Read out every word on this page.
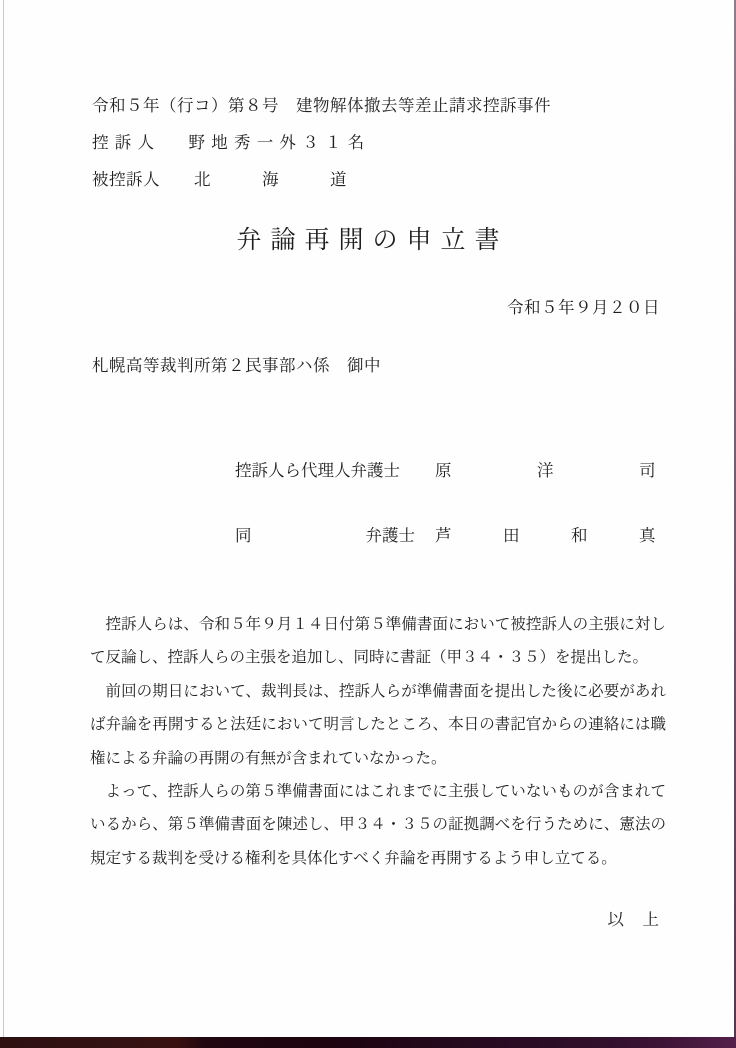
令和５年（行コ）第８号　建物解体撤去等差止請求控訴事件
控 訴 人　　野 地 秀 一 外 ３ １ 名
被控訴人　　北　　　海　　　道
弁論再開の申立書
令和５年９月２０日
札幌高等裁判所第２民事部ハ係　御中
控訴人ら代理人弁護士 原　　　　　洋　　　　　司
同	弁護士 芦　　　田　　　和　　　真

控訴人らは、令和５年９月１４日付第５準備書面において被控訴人の主張に対して反論し、控訴人らの主張を追加し、同時に書証（甲３４・３５）を提出した。

前回の期日において、裁判長は、控訴人らが準備書面を提出した後に必要があれば弁論を再開すると法廷において明言したところ、本日の書記官からの連絡には職権による弁論の再開の有無が含まれていなかった。

よって、控訴人らの第５準備書面にはこれまでに主張していないものが含まれているから、第５準備書面を陳述し、甲３４・３５の証拠調べを行うために、憲法の規定する裁判を受ける権利を具体化すべく弁論を再開するよう申し立てる。

以　上
